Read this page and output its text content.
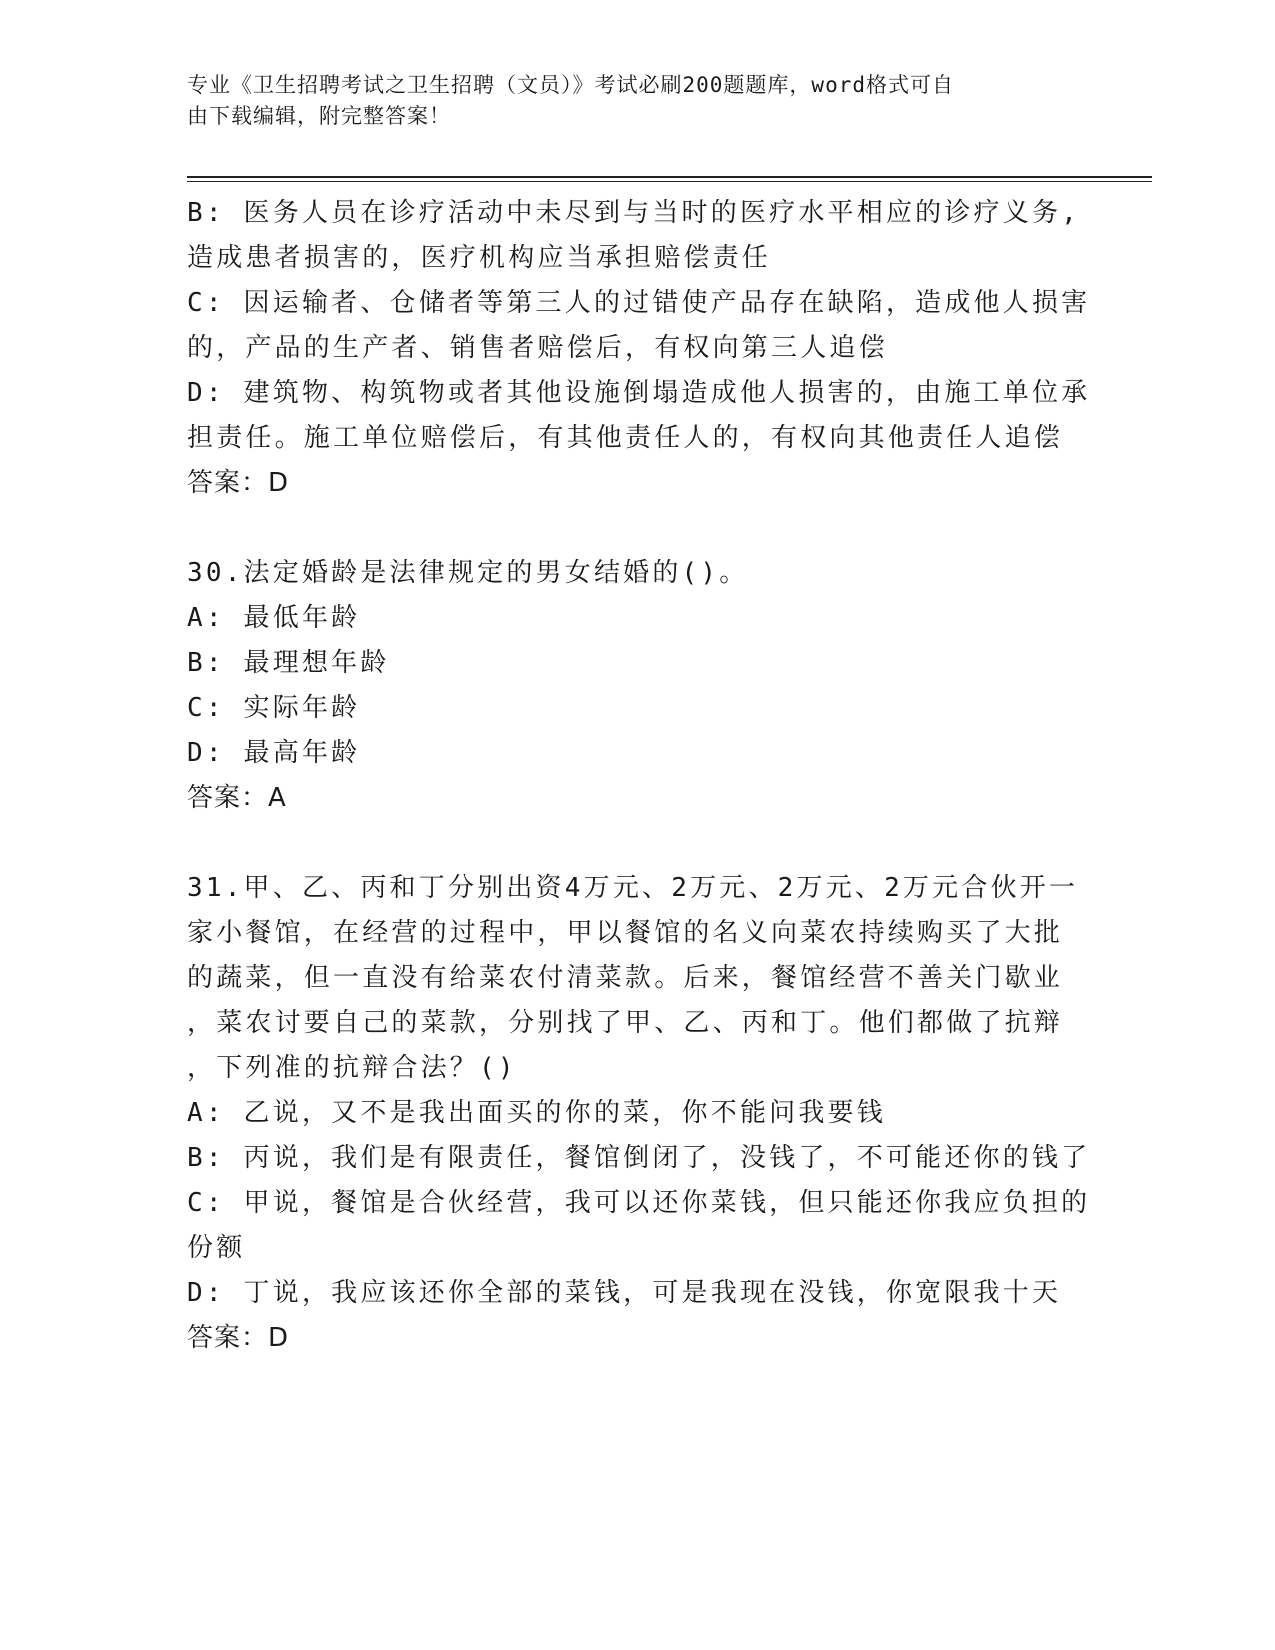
专业《卫生招聘考试之卫生招聘（文员）》考试必刷200题题库，word格式可自
由下载编辑，附完整答案！
B: 医务人员在诊疗活动中未尽到与当时的医疗水平相应的诊疗义务,
造成患者损害的，医疗机构应当承担赔偿责任
C: 因运输者、仓储者等第三人的过错使产品存在缺陷，造成他人损害
的，产品的生产者、销售者赔偿后，有权向第三人追偿
D: 建筑物、构筑物或者其他设施倒塌造成他人损害的，由施工单位承
担责任。施工单位赔偿后，有其他责任人的，有权向其他责任人追偿
答案：D
30.法定婚龄是法律规定的男女结婚的()。
A: 最低年龄
B: 最理想年龄
C: 实际年龄
D: 最高年龄
答案：A
31.甲、乙、丙和丁分别出资4万元、2万元、2万元、2万元合伙开一
家小餐馆，在经营的过程中，甲以餐馆的名义向菜农持续购买了大批
的蔬菜，但一直没有给菜农付清菜款。后来，餐馆经营不善关门歇业
，菜农讨要自己的菜款，分别找了甲、乙、丙和丁。他们都做了抗辩
，下列准的抗辩合法？()
A: 乙说，又不是我出面买的你的菜，你不能问我要钱
B: 丙说，我们是有限责任，餐馆倒闭了，没钱了，不可能还你的钱了
C: 甲说，餐馆是合伙经营，我可以还你菜钱，但只能还你我应负担的
份额
D: 丁说，我应该还你全部的菜钱，可是我现在没钱，你宽限我十天
答案：D
